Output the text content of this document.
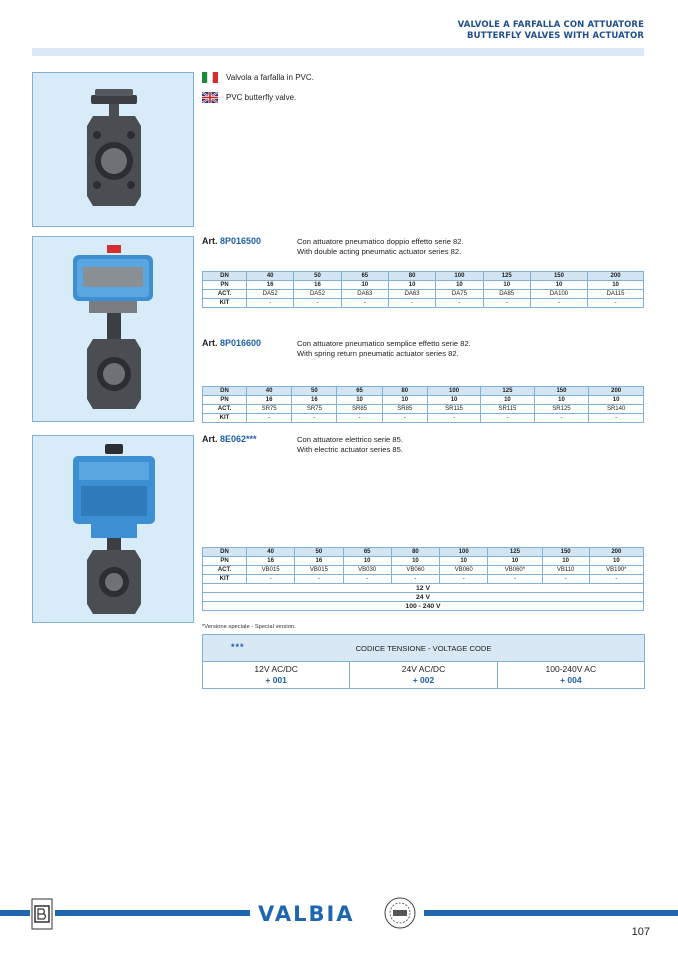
VALVOLE A FARFALLA CON ATTUATORE
BUTTERFLY VALVES WITH ACTUATOR
Valvola a farfalla in PVC.
PVC butterfly valve.
Art. 8P016500	Con attuatore pneumatico doppio effetto serie 82.
With double acting pneumatic actuator series 82.
DN	40	50	65	80	100	125	150	200
PN	16	16	10	10	10	10	10	10
ACT.	DA52	DA52	DA63	DA63	DA75	DA85	DA100	DA115
KIT	-	-	-	-	-	-	-	-
Art. 8P016600	Con attuatore pneumatico semplice effetto serie 82.
With spring return pneumatic actuator series 82.
DN	40	50	65	80	100	125	150	200
PN	16	16	10	10	10	10	10	10
ACT.	SR75	SR75	SR85	SR85	SR115	SR115	SR125	SR140
KIT	-	-	-	-	-	-	-	-
Art. 8E062***	Con attuatore elettrico serie 85.
With electric actuator series 85.
DN	40	50	65	80	100	125	150	200
PN	16	16	10	10	10	10	10	10
ACT.	VB015	VB015	VB030	VB060	VB060	VB060*	VB110	VB190*
KIT	-	-	-	-	-	-	-	-
12 V								
24 V								
100 - 240 V								
*Versione speciale - Special version.
***	CODICE TENSIONE - VOLTAGE CODE
12V AC/DC
+ 001
24V AC/DC
+ 002
100-240V AC
+ 004
VALBIA
107
